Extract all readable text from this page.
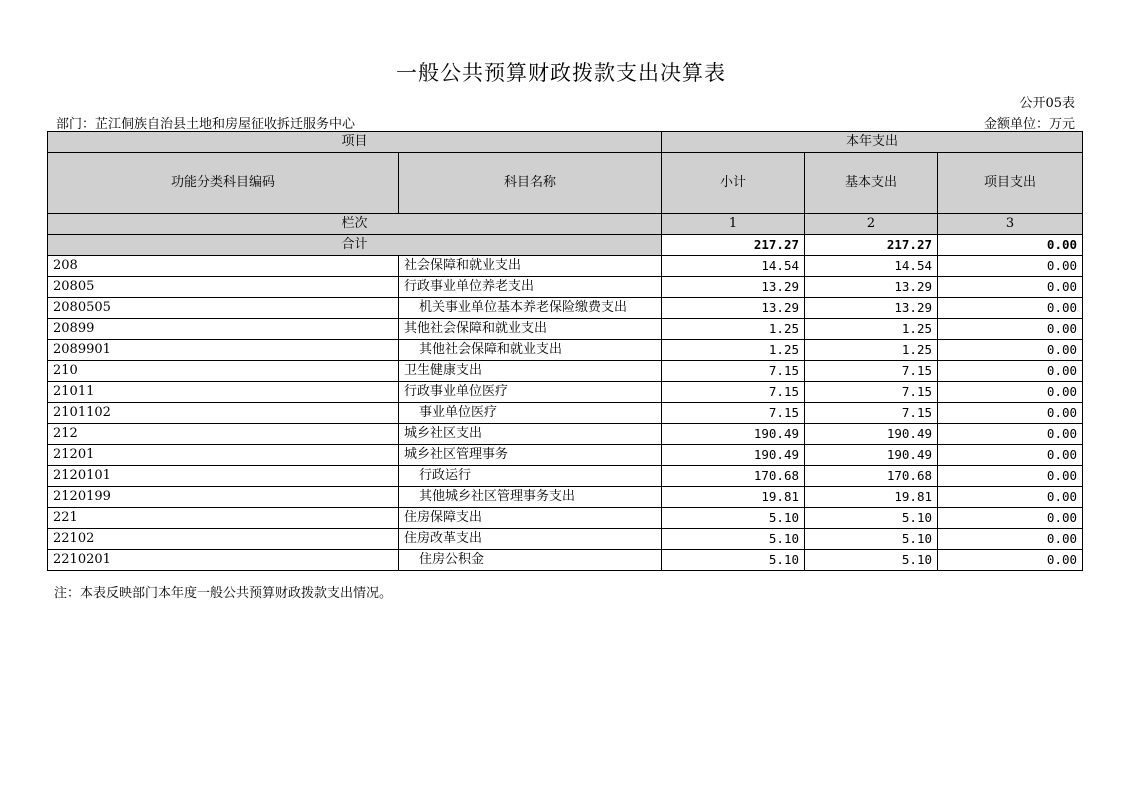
一般公共预算财政拨款支出决算表
公开05表
部门：芷江侗族自治县土地和房屋征收拆迁服务中心	金额单位：万元
项目		本年支出		
功能分类科目编码	科目名称	小计	基本支出	项目支出
栏次		1	2	3
合计		217.27	217.27	0.00
208	社会保障和就业支出	14.54	14.54	0.00
20805	行政事业单位养老支出	13.29	13.29	0.00
2080505	机关事业单位基本养老保险缴费支出	13.29	13.29	0.00
20899	其他社会保障和就业支出	1.25	1.25	0.00
2089901	其他社会保障和就业支出	1.25	1.25	0.00
210	卫生健康支出	7.15	7.15	0.00
21011	行政事业单位医疗	7.15	7.15	0.00
2101102	事业单位医疗	7.15	7.15	0.00
212	城乡社区支出	190.49	190.49	0.00
21201	城乡社区管理事务	190.49	190.49	0.00
2120101	行政运行	170.68	170.68	0.00
2120199	其他城乡社区管理事务支出	19.81	19.81	0.00
221	住房保障支出	5.10	5.10	0.00
22102	住房改革支出	5.10	5.10	0.00
2210201	住房公积金	5.10	5.10	0.00
注：本表反映部门本年度一般公共预算财政拨款支出情况。
